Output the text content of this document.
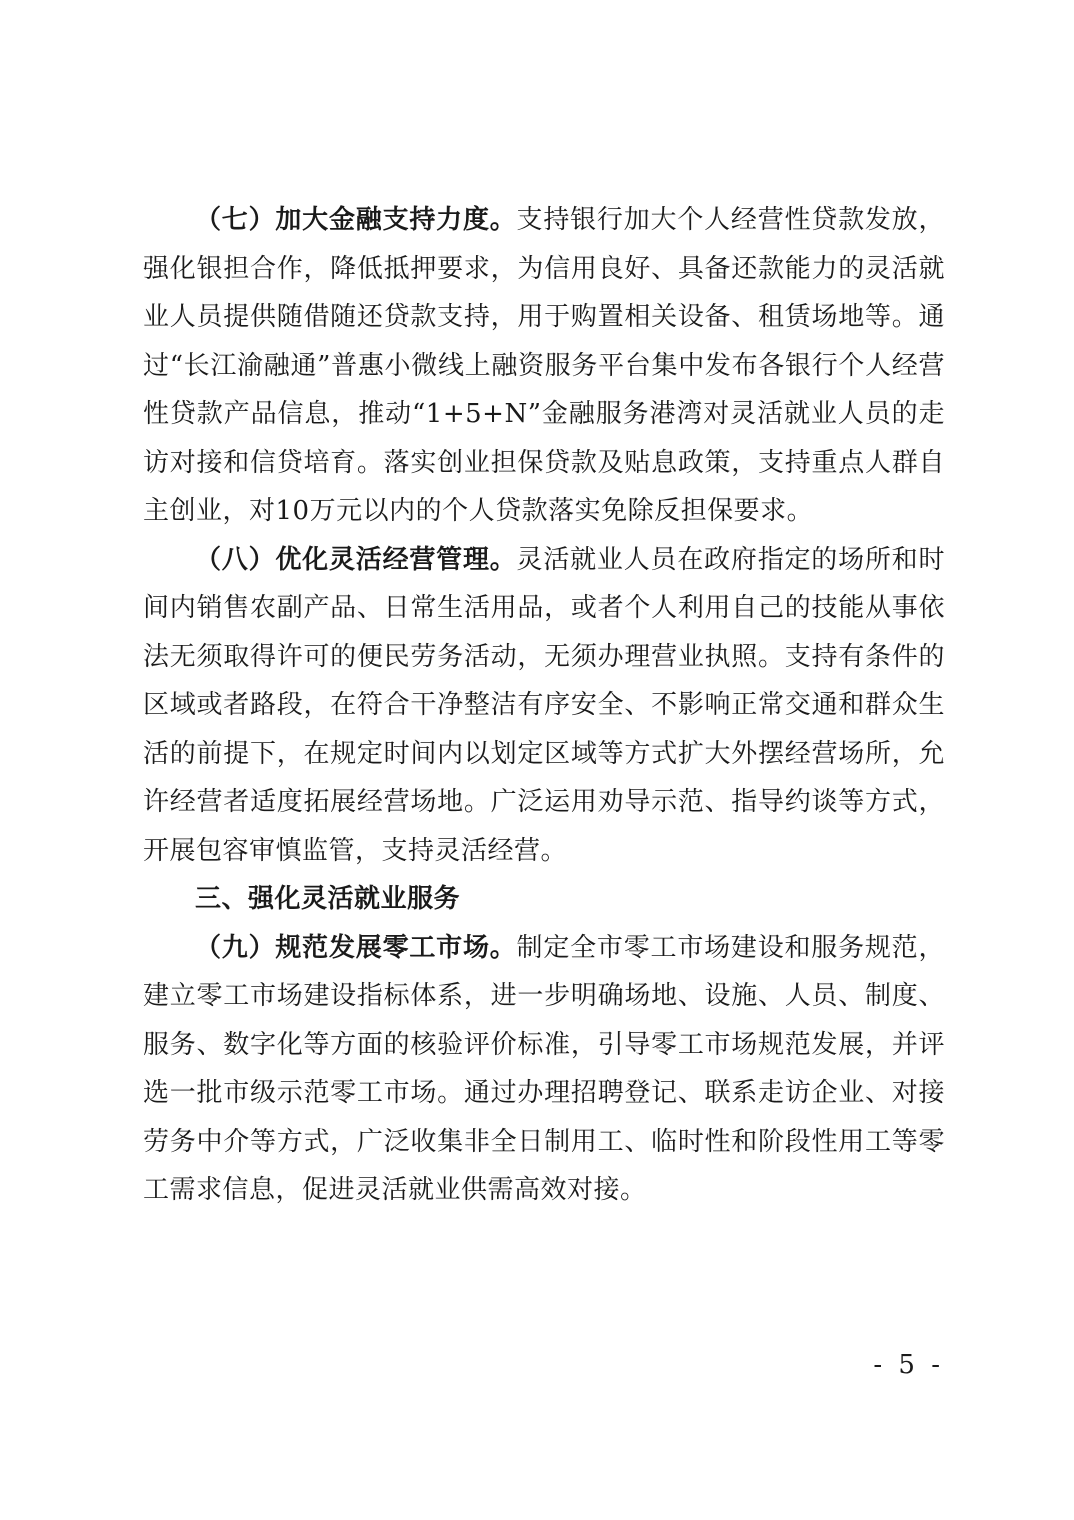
（七）加大金融支持力度。支持银行加大个人经营性贷款发放，强化银担合作，降低抵押要求，为信用良好、具备还款能力的灵活就业人员提供随借随还贷款支持，用于购置相关设备、租赁场地等。通过“长江渝融通”普惠小微线上融资服务平台集中发布各银行个人经营性贷款产品信息，推动“1+5+N”金融服务港湾对灵活就业人员的走访对接和信贷培育。落实创业担保贷款及贴息政策，支持重点人群自主创业，对10万元以内的个人贷款落实免除反担保要求。

（八）优化灵活经营管理。灵活就业人员在政府指定的场所和时间内销售农副产品、日常生活用品，或者个人利用自己的技能从事依法无须取得许可的便民劳务活动，无须办理营业执照。支持有条件的区域或者路段，在符合干净整洁有序安全、不影响正常交通和群众生活的前提下，在规定时间内以划定区域等方式扩大外摆经营场所，允许经营者适度拓展经营场地。广泛运用劝导示范、指导约谈等方式，开展包容审慎监管，支持灵活经营。

三、强化灵活就业服务

（九）规范发展零工市场。制定全市零工市场建设和服务规范，建立零工市场建设指标体系，进一步明确场地、设施、人员、制度、服务、数字化等方面的核验评价标准，引导零工市场规范发展，并评选一批市级示范零工市场。通过办理招聘登记、联系走访企业、对接劳务中介等方式，广泛收集非全日制用工、临时性和阶段性用工等零工需求信息，促进灵活就业供需高效对接。

- 5 -
